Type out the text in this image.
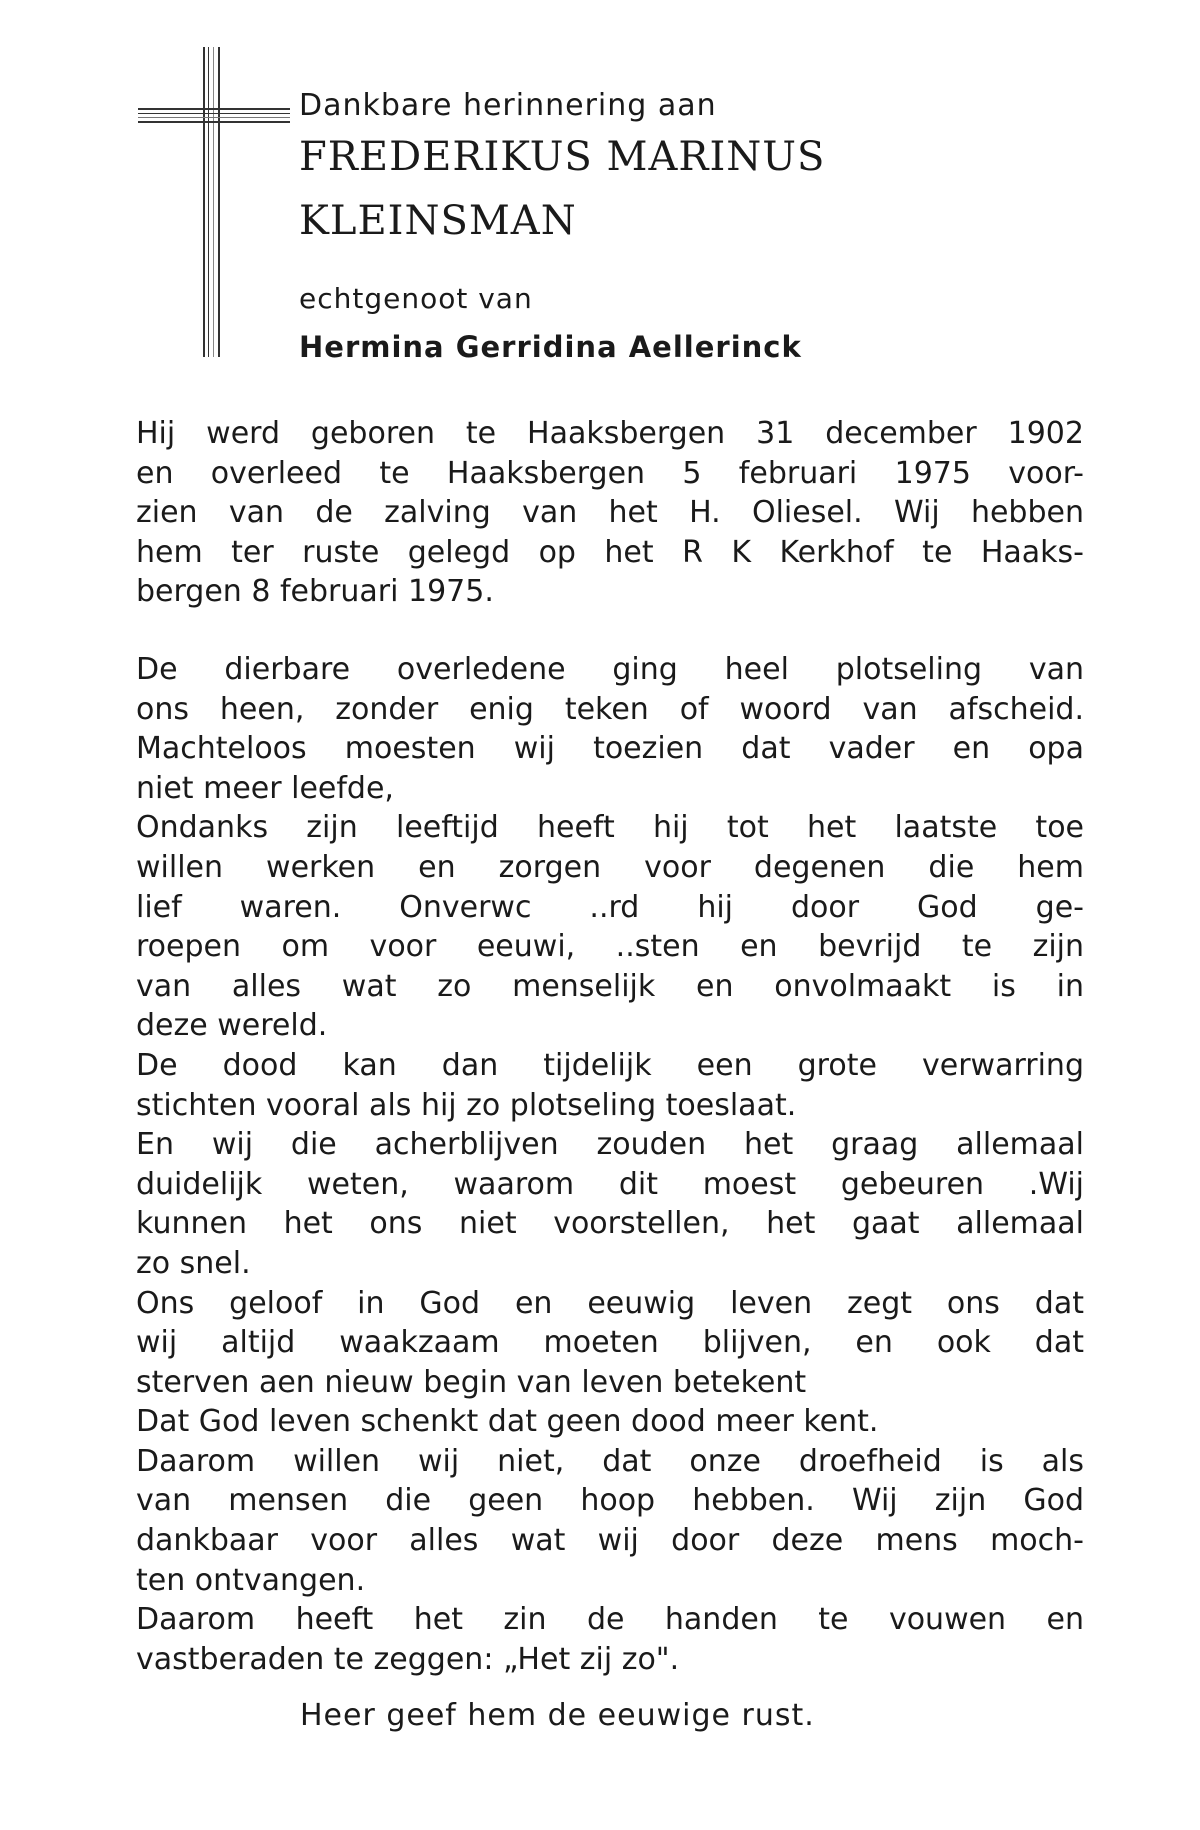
Dankbare herinnering aan
FREDERIKUS MARINUS
KLEINSMAN
echtgenoot van
Hermina Gerridina Aellerinck
Hij werd geboren te Haaksbergen 31 december 1902
en overleed te Haaksbergen 5 februari 1975 voor-
zien van de zalving van het H. Oliesel. Wij hebben
hem ter ruste gelegd op het R K Kerkhof te Haaks-
bergen 8 februari 1975.
De dierbare overledene ging heel plotseling van
ons heen, zonder enig teken of woord van afscheid.
Machteloos moesten wij toezien dat vader en opa
niet meer leefde,
Ondanks zijn leeftijd heeft hij tot het laatste toe
willen werken en zorgen voor degenen die hem
lief waren. Onverwc ..rd hij door God ge-
roepen om voor eeuwi, ..sten en bevrijd te zijn
van alles wat zo menselijk en onvolmaakt is in
deze wereld.
De dood kan dan tijdelijk een grote verwarring
stichten vooral als hij zo plotseling toeslaat.
En wij die acherblijven zouden het graag allemaal
duidelijk weten, waarom dit moest gebeuren .Wij
kunnen het ons niet voorstellen, het gaat allemaal
zo snel.
Ons geloof in God en eeuwig leven zegt ons dat
wij altijd waakzaam moeten blijven, en ook dat
sterven aen nieuw begin van leven betekent
Dat God leven schenkt dat geen dood meer kent.
Daarom willen wij niet, dat onze droefheid is als
van mensen die geen hoop hebben. Wij zijn God
dankbaar voor alles wat wij door deze mens moch-
ten ontvangen.
Daarom heeft het zin de handen te vouwen en
vastberaden te zeggen: „Het zij zo".
Heer geef hem de eeuwige rust.
